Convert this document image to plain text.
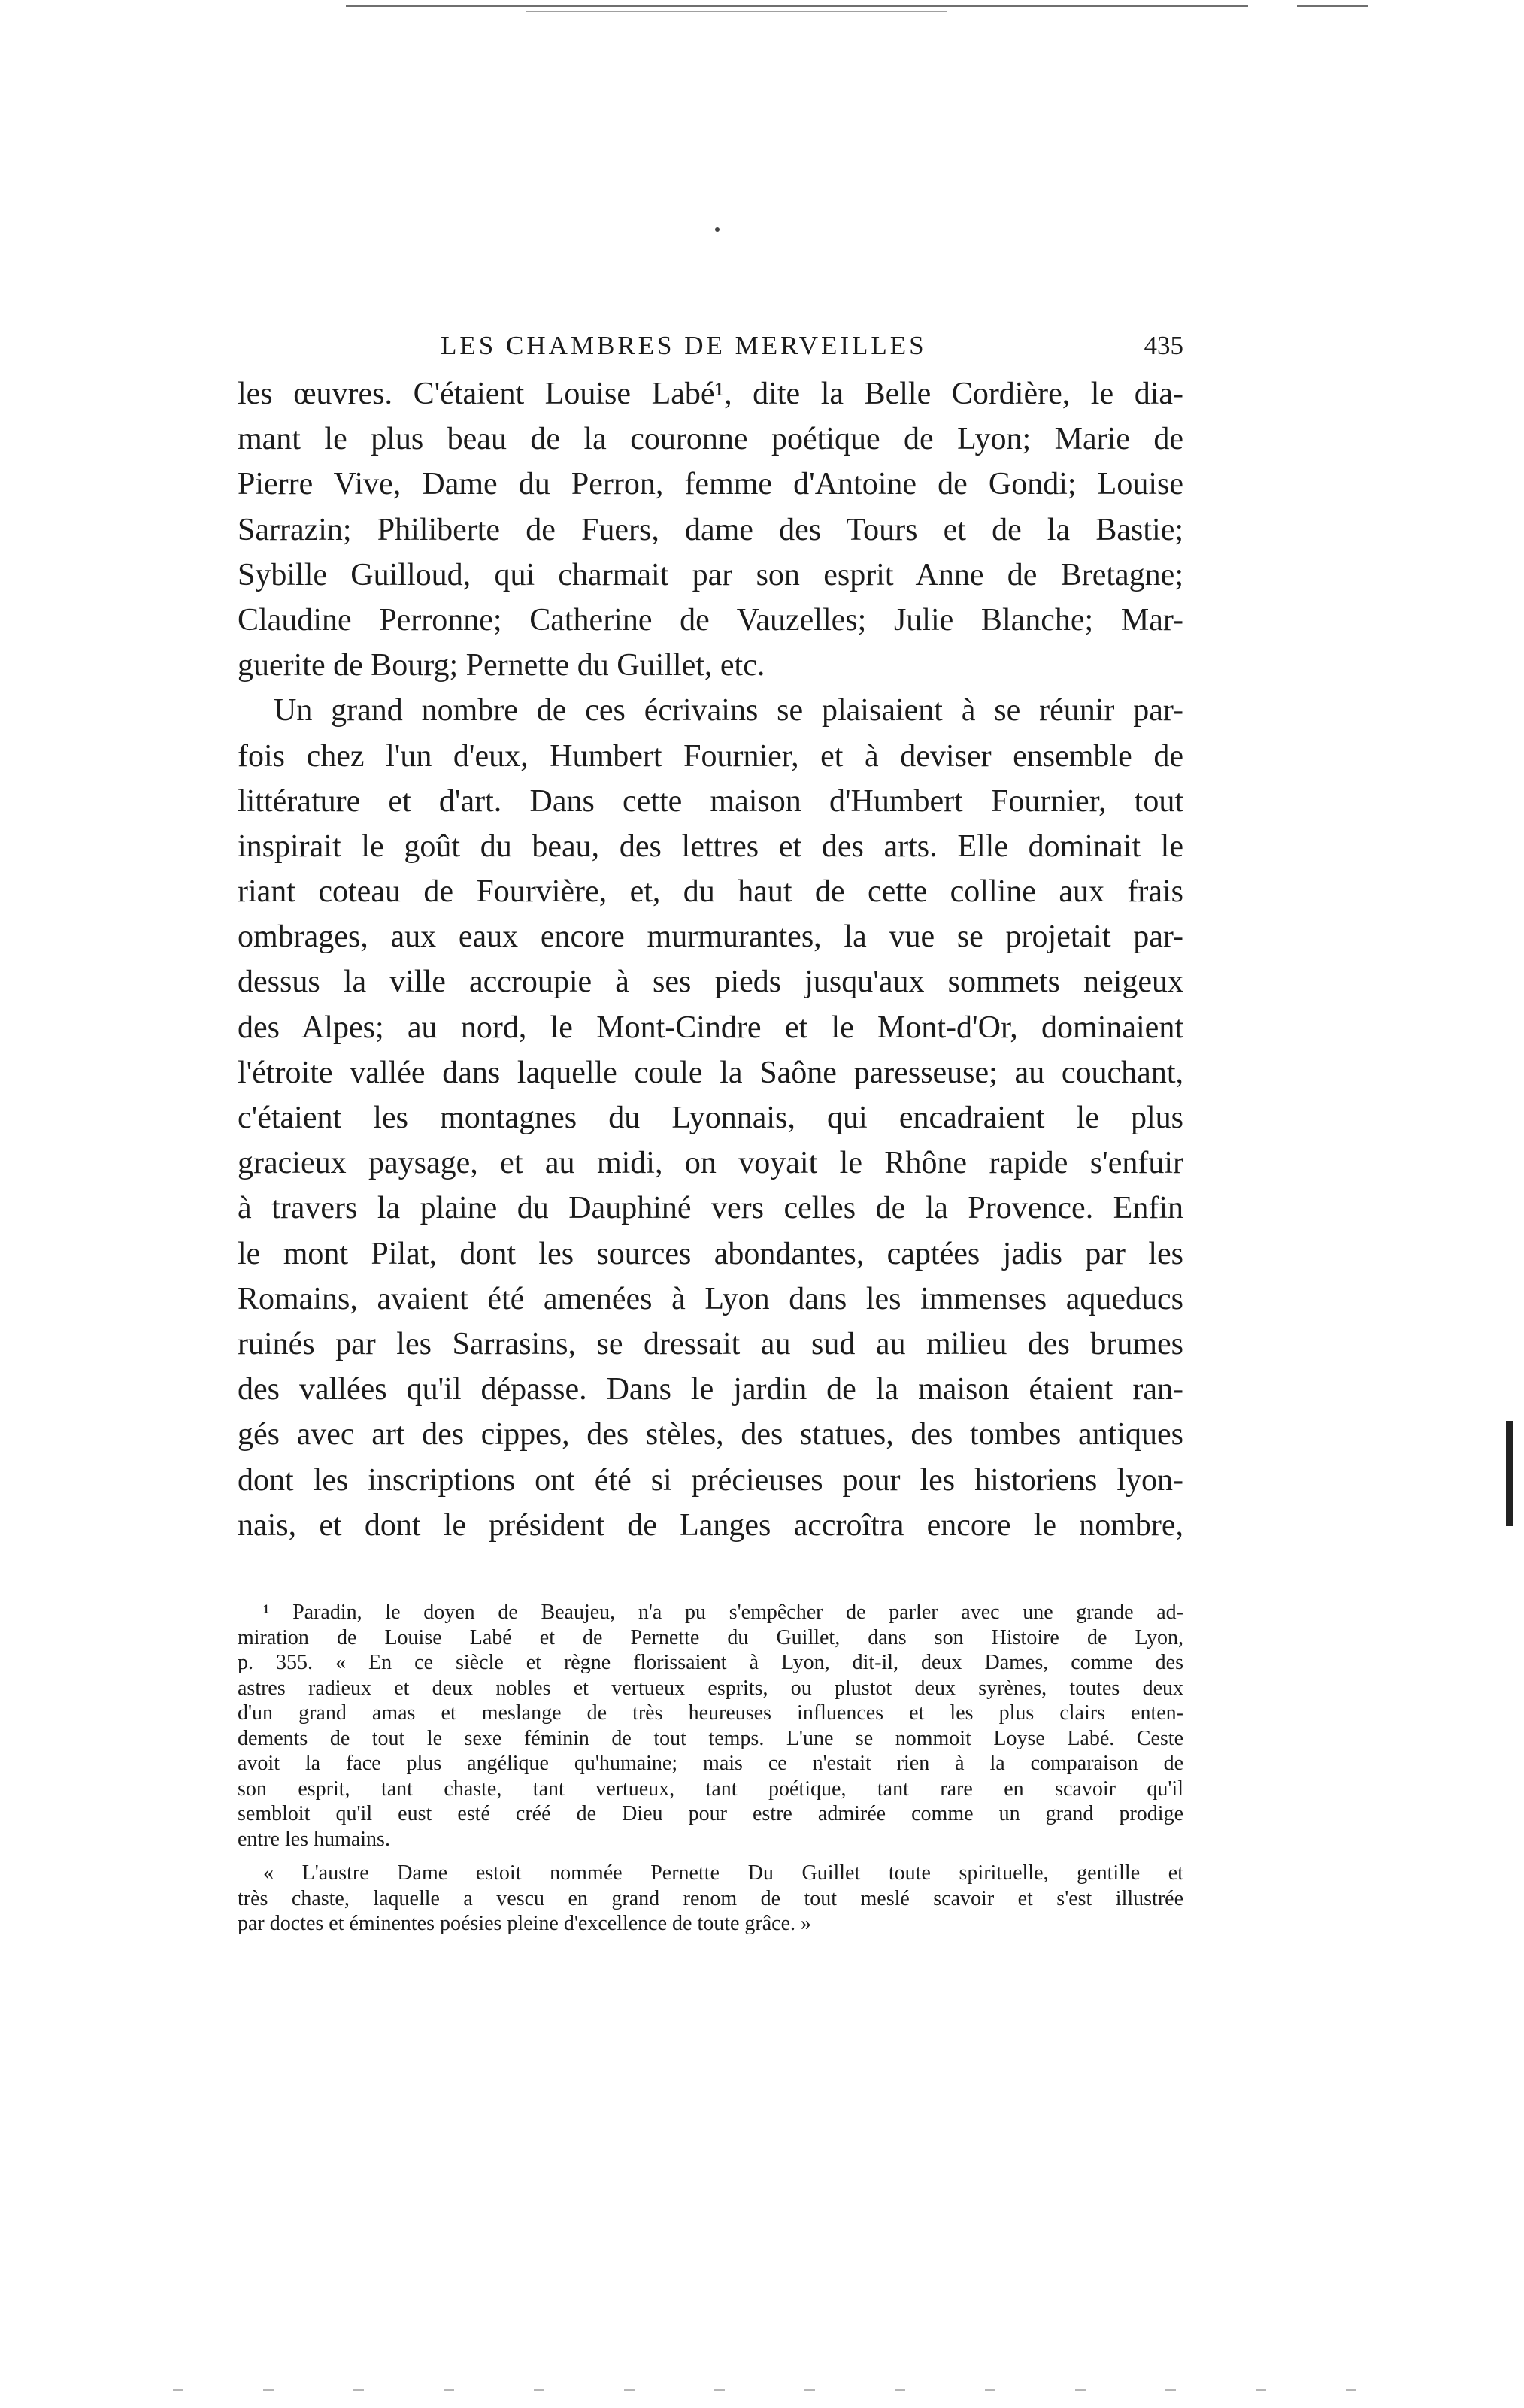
LES CHAMBRES DE MERVEILLES	435
les œuvres. C'étaient Louise Labé¹, dite la Belle Cordière, le dia-
mant le plus beau de la couronne poétique de Lyon; Marie de
Pierre Vive, Dame du Perron, femme d'Antoine de Gondi; Louise
Sarrazin; Philiberte de Fuers, dame des Tours et de la Bastie;
Sybille Guilloud, qui charmait par son esprit Anne de Bretagne;
Claudine Perronne; Catherine de Vauzelles; Julie Blanche; Mar-
guerite de Bourg; Pernette du Guillet, etc.
Un grand nombre de ces écrivains se plaisaient à se réunir par-
fois chez l'un d'eux, Humbert Fournier, et à deviser ensemble de
littérature et d'art. Dans cette maison d'Humbert Fournier, tout
inspirait le goût du beau, des lettres et des arts. Elle dominait le
riant coteau de Fourvière, et, du haut de cette colline aux frais
ombrages, aux eaux encore murmurantes, la vue se projetait par-
dessus la ville accroupie à ses pieds jusqu'aux sommets neigeux
des Alpes; au nord, le Mont-Cindre et le Mont-d'Or, dominaient
l'étroite vallée dans laquelle coule la Saône paresseuse; au couchant,
c'étaient les montagnes du Lyonnais, qui encadraient le plus
gracieux paysage, et au midi, on voyait le Rhône rapide s'enfuir
à travers la plaine du Dauphiné vers celles de la Provence. Enfin
le mont Pilat, dont les sources abondantes, captées jadis par les
Romains, avaient été amenées à Lyon dans les immenses aqueducs
ruinés par les Sarrasins, se dressait au sud au milieu des brumes
des vallées qu'il dépasse. Dans le jardin de la maison étaient ran-
gés avec art des cippes, des stèles, des statues, des tombes antiques
dont les inscriptions ont été si précieuses pour les historiens lyon-
nais, et dont le président de Langes accroîtra encore le nombre,
¹ Paradin, le doyen de Beaujeu, n'a pu s'empêcher de parler avec une grande ad-
miration de Louise Labé et de Pernette du Guillet, dans son Histoire de Lyon,
p. 355. « En ce siècle et règne florissaient à Lyon, dit-il, deux Dames, comme des
astres radieux et deux nobles et vertueux esprits, ou plustot deux syrènes, toutes deux
d'un grand amas et meslange de très heureuses influences et les plus clairs enten-
dements de tout le sexe féminin de tout temps. L'une se nommoit Loyse Labé. Ceste
avoit la face plus angélique qu'humaine; mais ce n'estait rien à la comparaison de
son esprit, tant chaste, tant vertueux, tant poétique, tant rare en scavoir qu'il
sembloit qu'il eust esté créé de Dieu pour estre admirée comme un grand prodige
entre les humains.
« L'austre Dame estoit nommée Pernette Du Guillet toute spirituelle, gentille et
très chaste, laquelle a vescu en grand renom de tout meslé scavoir et s'est illustrée
par doctes et éminentes poésies pleine d'excellence de toute grâce. »
